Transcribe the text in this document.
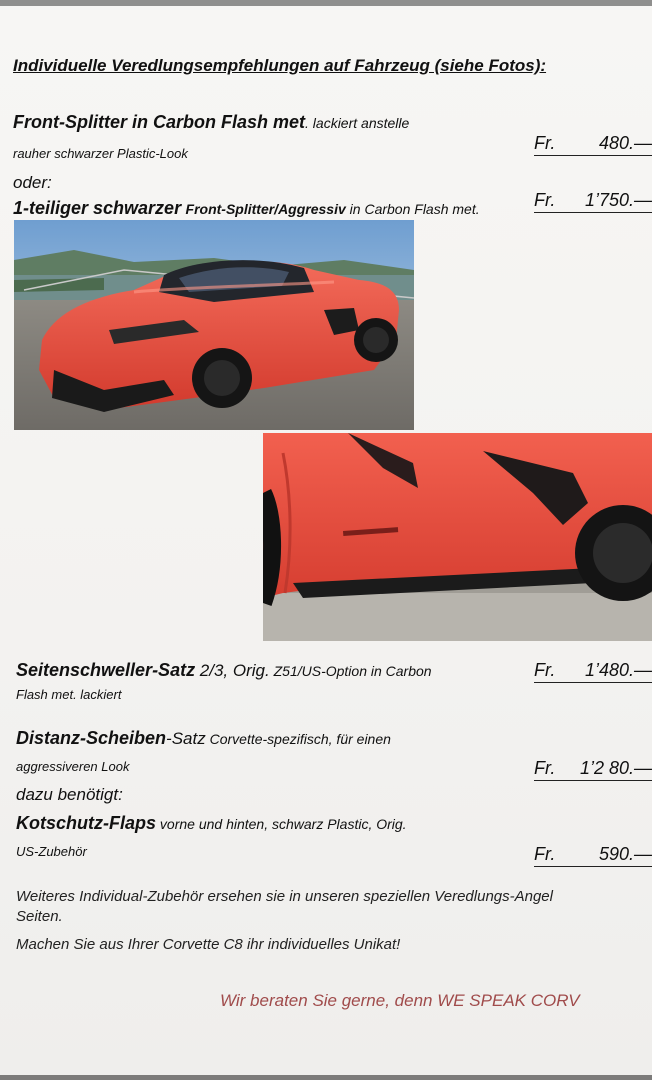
Individuelle Veredlungsempfehlungen auf Fahrzeug (siehe Fotos):
Front-Splitter in Carbon Flash met. lackiert anstelle
rauher schwarzer Plastic-Look
Fr. 480.—
oder:
1-teiliger schwarzer Front-Splitter/Aggressiv in Carbon Flash met.	Fr. 1’750.—
Seitenschweller-Satz 2/3, Orig. Z51/US-Option in Carbon
Flash met. lackiert
Fr. 1’480.—
Distanz-Scheiben-Satz Corvette-spezifisch, für einen
aggressiveren Look	Fr. 1’2 80.—
dazu benötigt:
Kotschutz-Flaps vorne und hinten, schwarz Plastic, Orig.
US-Zubehör	Fr. 590.—
Weiteres Individual-Zubehör ersehen sie in unseren speziellen Veredlungs-Angel
Seiten.
Machen Sie aus Ihrer Corvette C8 ihr individuelles Unikat!
Wir beraten Sie gerne, denn WE SPEAK CORV
